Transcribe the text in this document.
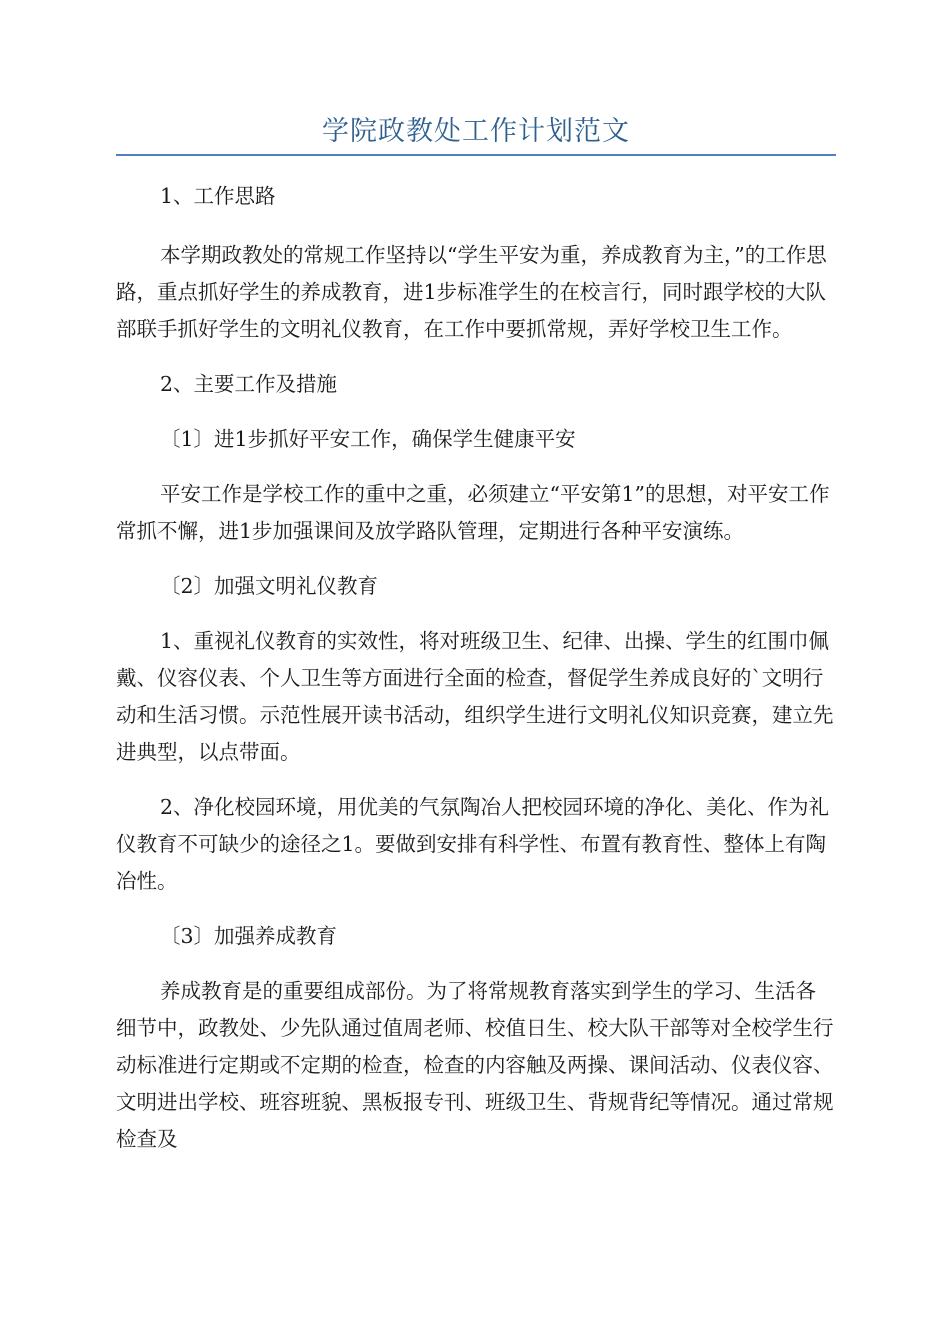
学院政教处工作计划范文

1、工作思路

本学期政教处的常规工作坚持以“学生平安为重，养成教育为主，”的工作思路，重点抓好学生的养成教育，进1步标准学生的在校言行，同时跟学校的大队部联手抓好学生的文明礼仪教育，在工作中要抓常规，弄好学校卫生工作。

2、主要工作及措施

〔1〕进1步抓好平安工作，确保学生健康平安

平安工作是学校工作的重中之重，必须建立“平安第1”的思想，对平安工作常抓不懈，进1步加强课间及放学路队管理，定期进行各种平安演练。

〔2〕加强文明礼仪教育

1、重视礼仪教育的实效性，将对班级卫生、纪律、出操、学生的红围巾佩戴、仪容仪表、个人卫生等方面进行全面的检查，督促学生养成良好的`文明行动和生活习惯。示范性展开读书活动，组织学生进行文明礼仪知识竞赛，建立先进典型，以点带面。

2、净化校园环境，用优美的气氛陶冶人把校园环境的净化、美化、作为礼仪教育不可缺少的途径之1。要做到安排有科学性、布置有教育性、整体上有陶冶性。

〔3〕加强养成教育

养成教育是的重要组成部份。为了将常规教育落实到学生的学习、生活各细节中，政教处、少先队通过值周老师、校值日生、校大队干部等对全校学生行动标准进行定期或不定期的检查，检查的内容触及两操、课间活动、仪表仪容、文明进出学校、班容班貌、黑板报专刊、班级卫生、背规背纪等情况。通过常规检查及
